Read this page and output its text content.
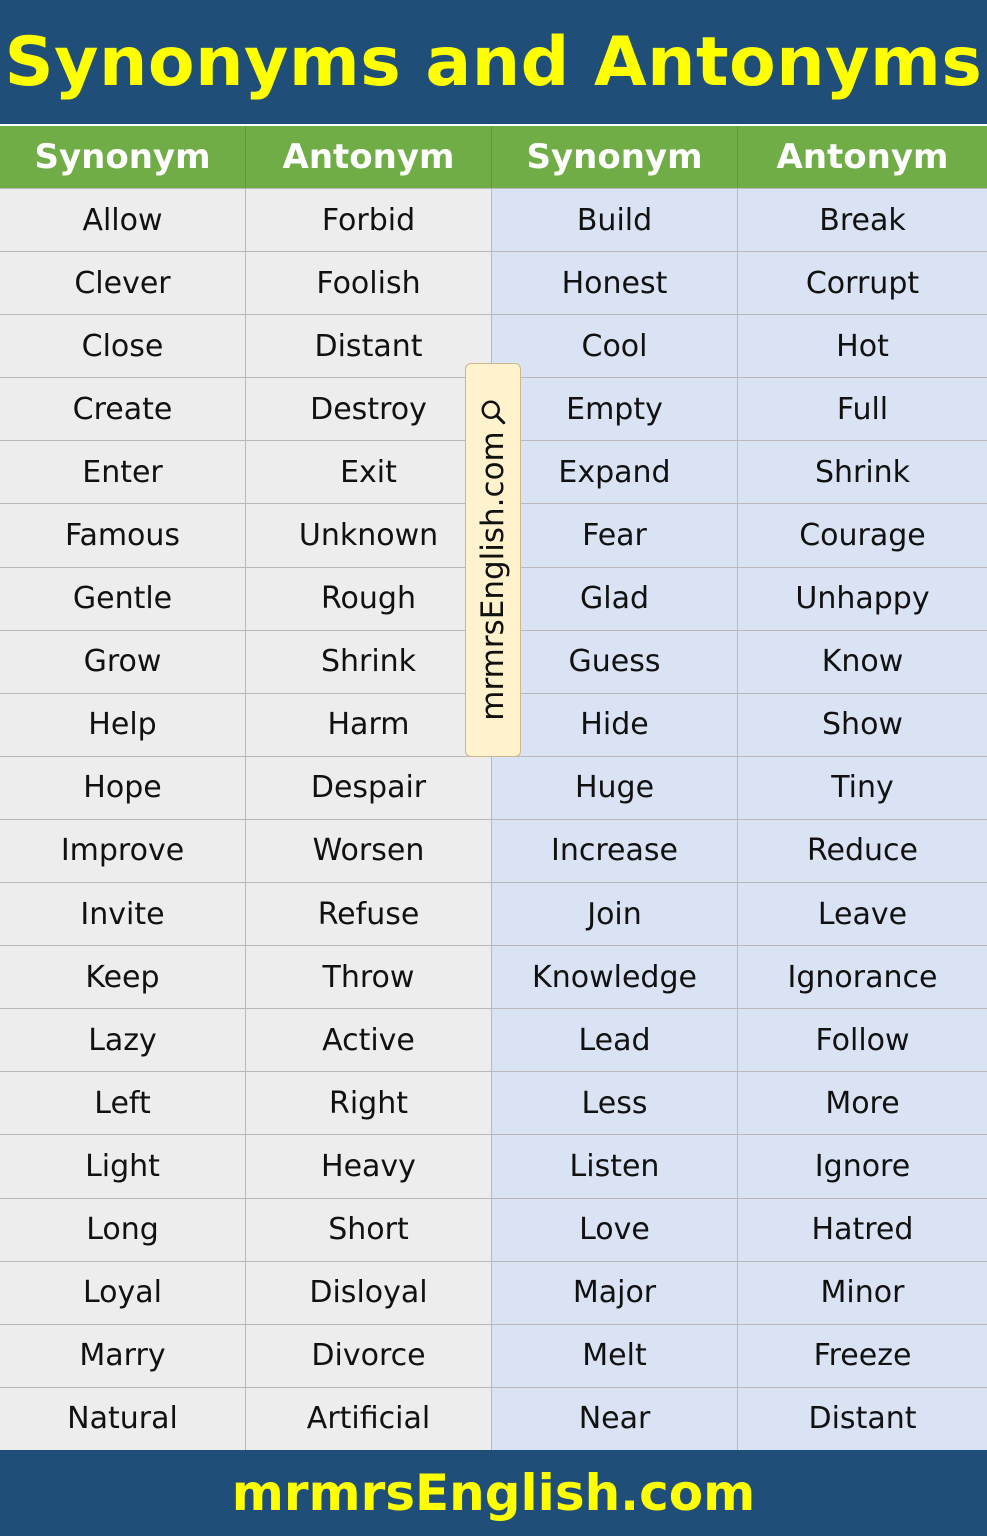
Synonyms and Antonyms
Synonym	Antonym	Synonym	Antonym
Allow	Forbid	Build	Break
Clever	Foolish	Honest	Corrupt
Close	Distant	Cool	Hot
Create	Destroy	Empty	Full
Enter	Exit	Expand	Shrink
Famous	Unknown	Fear	Courage
Gentle	Rough	Glad	Unhappy
Grow	Shrink	Guess	Know
Help	Harm	Hide	Show
Hope	Despair	Huge	Tiny
Improve	Worsen	Increase	Reduce
Invite	Refuse	Join	Leave
Keep	Throw	Knowledge	Ignorance
Lazy	Active	Lead	Follow
Left	Right	Less	More
Light	Heavy	Listen	Ignore
Long	Short	Love	Hatred
Loyal	Disloyal	Major	Minor
Marry	Divorce	Melt	Freeze
Natural	Artificial	Near	Distant
mrmrsEnglish.com
mrmrsEnglish.com
